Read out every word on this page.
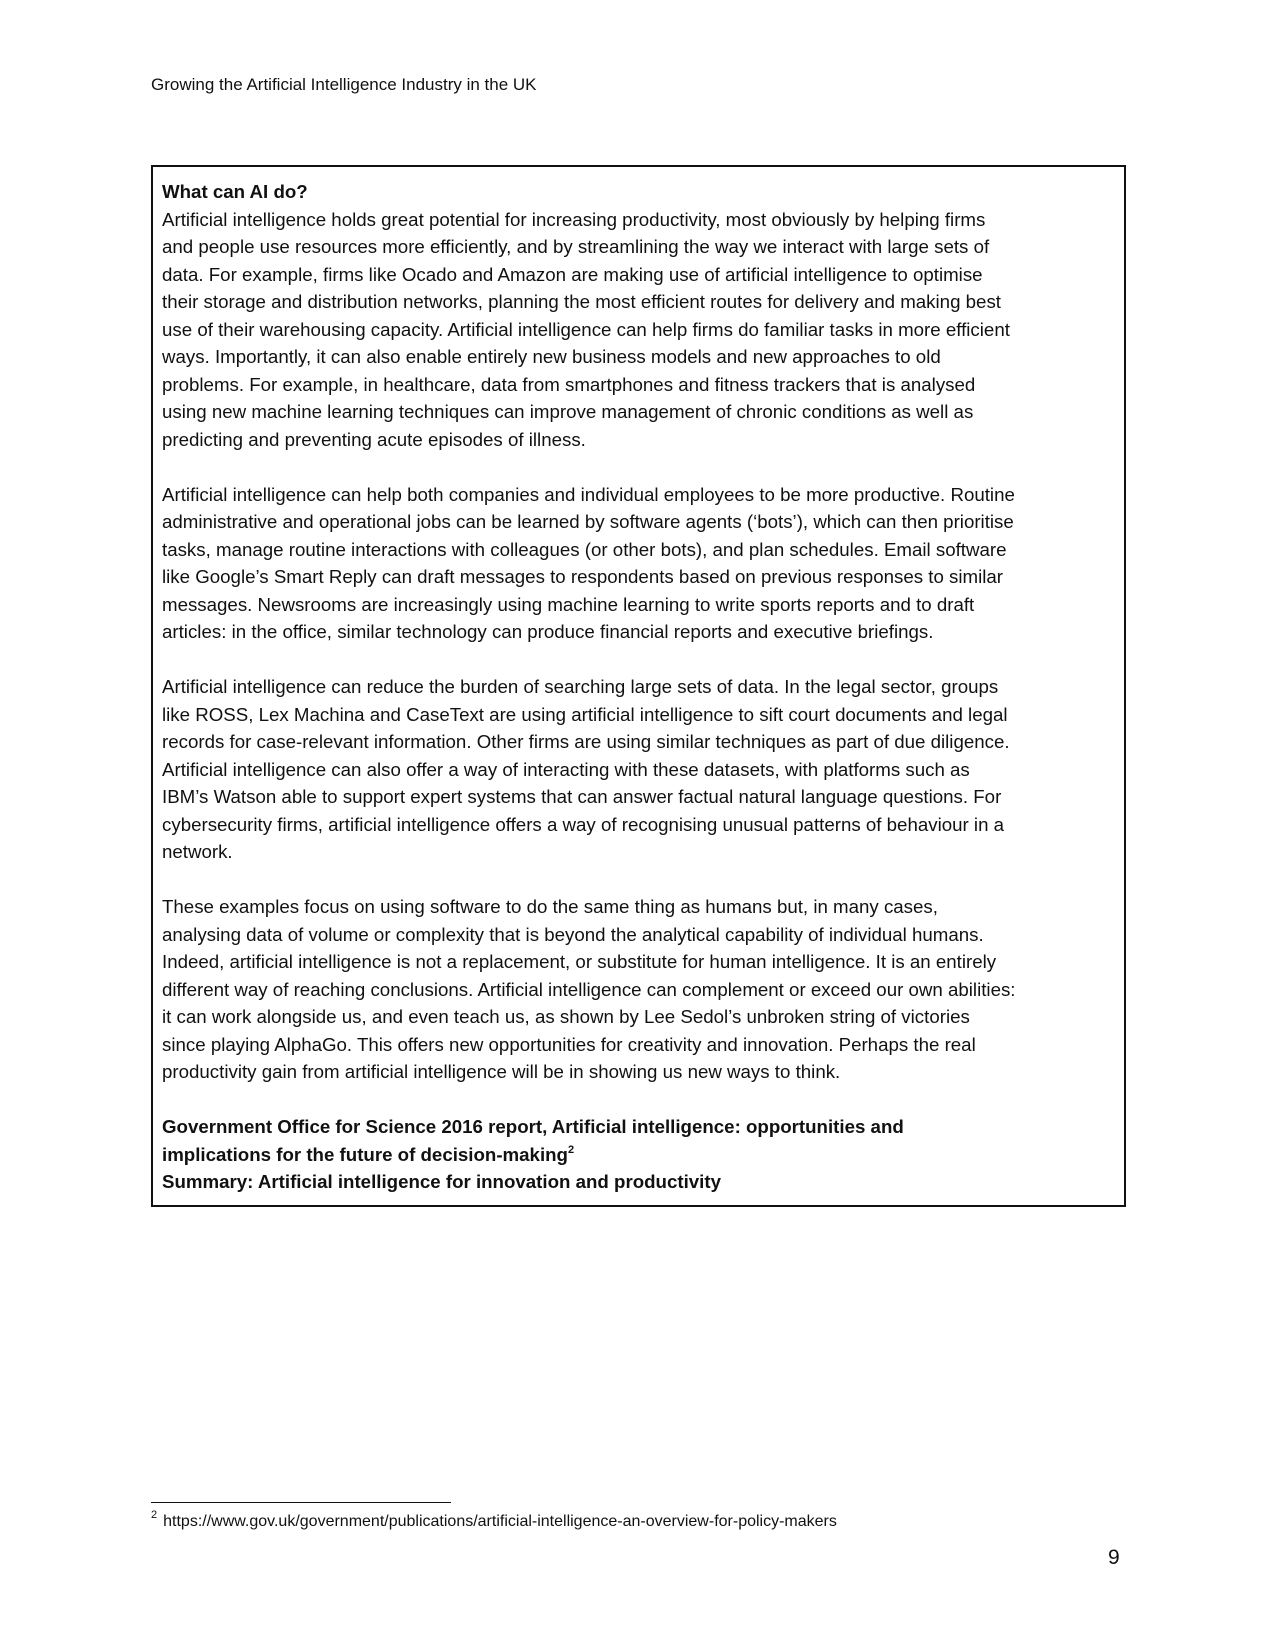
Growing the Artificial Intelligence Industry in the UK
What can AI do?

Artificial intelligence holds great potential for increasing productivity, most obviously by helping firms
and people use resources more efficiently, and by streamlining the way we interact with large sets of
data. For example, firms like Ocado and Amazon are making use of artificial intelligence to optimise
their storage and distribution networks, planning the most efficient routes for delivery and making best
use of their warehousing capacity. Artificial intelligence can help firms do familiar tasks in more efficient
ways. Importantly, it can also enable entirely new business models and new approaches to old
problems. For example, in healthcare, data from smartphones and fitness trackers that is analysed
using new machine learning techniques can improve management of chronic conditions as well as
predicting and preventing acute episodes of illness.

Artificial intelligence can help both companies and individual employees to be more productive. Routine
administrative and operational jobs can be learned by software agents (‘bots’), which can then prioritise
tasks, manage routine interactions with colleagues (or other bots), and plan schedules. Email software
like Google’s Smart Reply can draft messages to respondents based on previous responses to similar
messages. Newsrooms are increasingly using machine learning to write sports reports and to draft
articles: in the office, similar technology can produce financial reports and executive briefings.

Artificial intelligence can reduce the burden of searching large sets of data. In the legal sector, groups
like ROSS, Lex Machina and CaseText are using artificial intelligence to sift court documents and legal
records for case-relevant information. Other firms are using similar techniques as part of due diligence.
Artificial intelligence can also offer a way of interacting with these datasets, with platforms such as
IBM’s Watson able to support expert systems that can answer factual natural language questions. For
cybersecurity firms, artificial intelligence offers a way of recognising unusual patterns of behaviour in a
network.

These examples focus on using software to do the same thing as humans but, in many cases,
analysing data of volume or complexity that is beyond the analytical capability of individual humans.
Indeed, artificial intelligence is not a replacement, or substitute for human intelligence. It is an entirely
different way of reaching conclusions. Artificial intelligence can complement or exceed our own abilities:
it can work alongside us, and even teach us, as shown by Lee Sedol’s unbroken string of victories
since playing AlphaGo. This offers new opportunities for creativity and innovation. Perhaps the real
productivity gain from artificial intelligence will be in showing us new ways to think.

Government Office for Science 2016 report, Artificial intelligence: opportunities and
implications for the future of decision-making$^2$
Summary: Artificial intelligence for innovation and productivity
$^2$ https://www.gov.uk/government/publications/artificial-intelligence-an-overview-for-policy-makers
9
